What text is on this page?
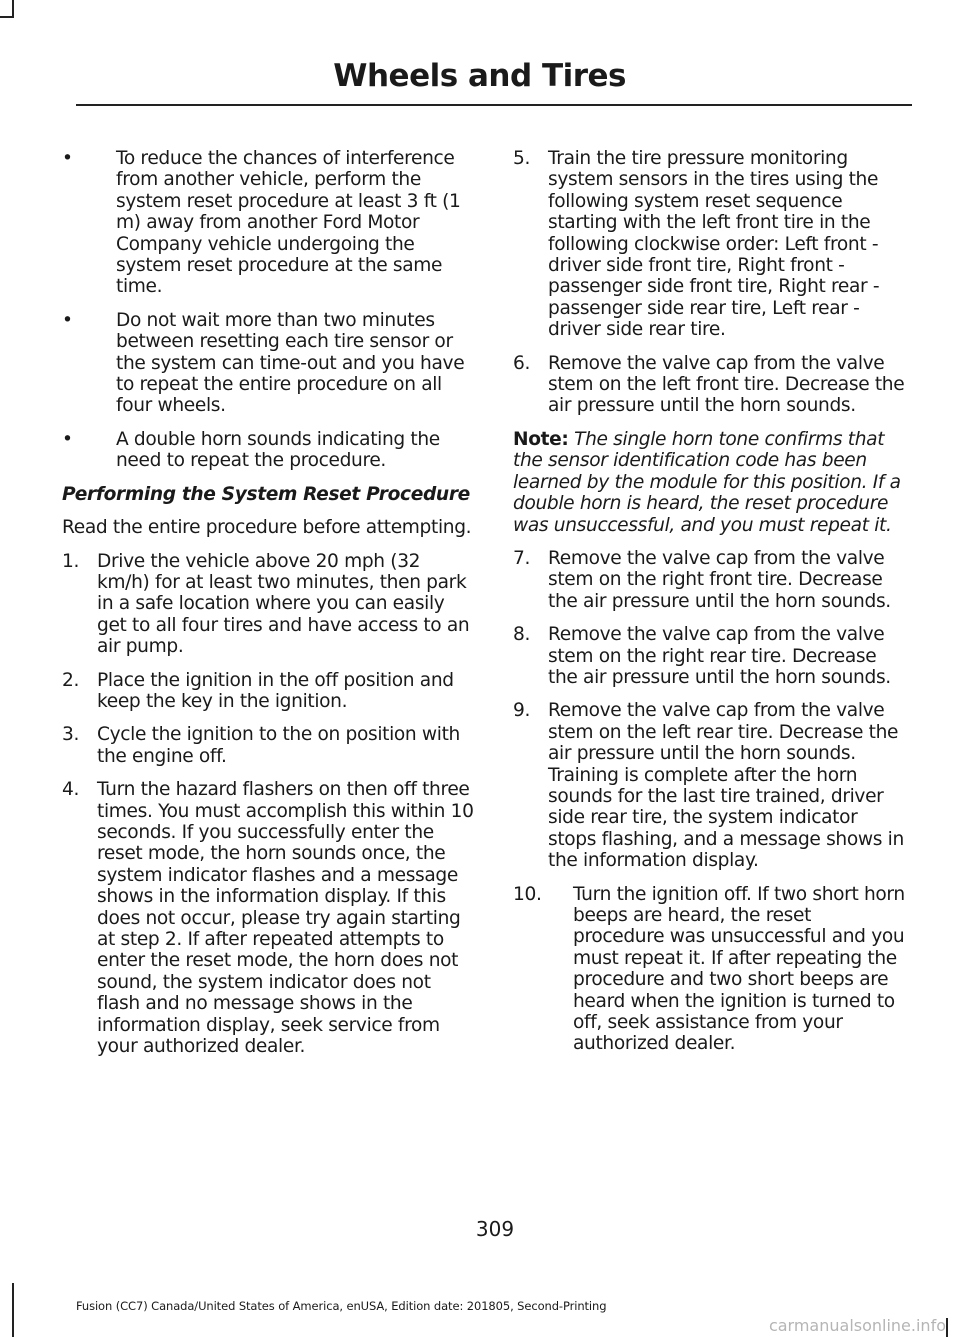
Wheels and Tires
• To reduce the chances of interference from another vehicle, perform the system reset procedure at least 3 ft (1 m) away from another Ford Motor Company vehicle undergoing the system reset procedure at the same time.
• Do not wait more than two minutes between resetting each tire sensor or the system can time-out and you have to repeat the entire procedure on all four wheels.
• A double horn sounds indicating the need to repeat the procedure.

Performing the System Reset Procedure

Read the entire procedure before attempting.

1. Drive the vehicle above 20 mph (32 km/h) for at least two minutes, then park in a safe location where you can easily get to all four tires and have access to an air pump.
2. Place the ignition in the off position and keep the key in the ignition.
3. Cycle the ignition to the on position with the engine off.
4. Turn the hazard flashers on then off three times. You must accomplish this within 10 seconds. If you successfully enter the reset mode, the horn sounds once, the system indicator flashes and a message shows in the information display. If this does not occur, please try again starting at step 2. If after repeated attempts to enter the reset mode, the horn does not sound, the system indicator does not flash and no message shows in the information display, seek service from your authorized dealer.
5. Train the tire pressure monitoring system sensors in the tires using the following system reset sequence starting with the left front tire in the following clockwise order: Left front - driver side front tire, Right front - passenger side front tire, Right rear - passenger side rear tire, Left rear - driver side rear tire.
6. Remove the valve cap from the valve stem on the left front tire. Decrease the air pressure until the horn sounds.

Note: The single horn tone confirms that the sensor identification code has been learned by the module for this position. If a double horn is heard, the reset procedure was unsuccessful, and you must repeat it.

7. Remove the valve cap from the valve stem on the right front tire. Decrease the air pressure until the horn sounds.
8. Remove the valve cap from the valve stem on the right rear tire. Decrease the air pressure until the horn sounds.
9. Remove the valve cap from the valve stem on the left rear tire. Decrease the air pressure until the horn sounds. Training is complete after the horn sounds for the last tire trained, driver side rear tire, the system indicator stops flashing, and a message shows in the information display.
10. Turn the ignition off. If two short horn beeps are heard, the reset procedure was unsuccessful and you must repeat it. If after repeating the procedure and two short beeps are heard when the ignition is turned to off, seek assistance from your authorized dealer.
309
Fusion (CC7) Canada/United States of America, enUSA, Edition date: 201805, Second-Printing
carmanualsonline.info
